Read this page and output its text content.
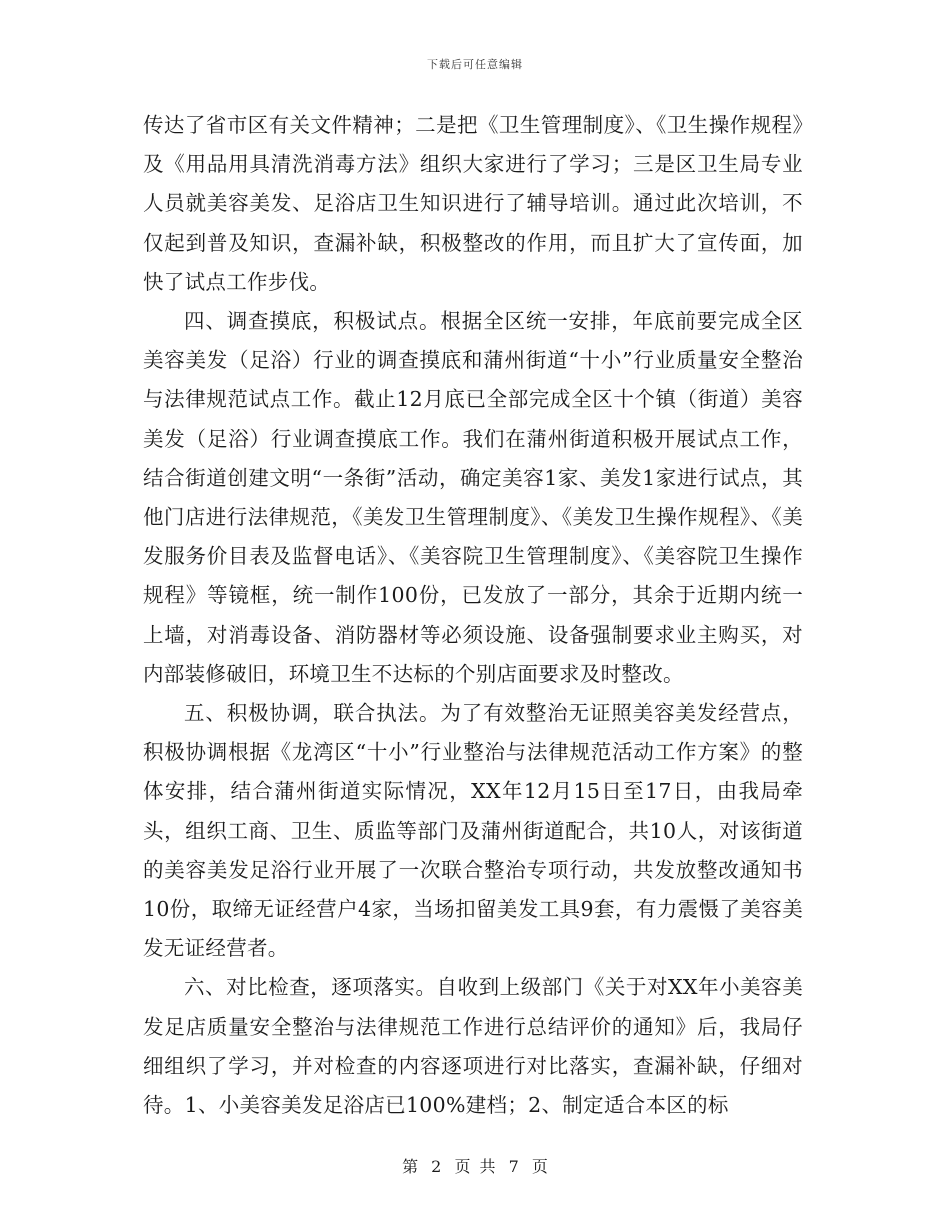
下载后可任意编辑

传达了省市区有关文件精神；二是把《卫生管理制度》、《卫生操作规程》及《用品用具清洗消毒方法》组织大家进行了学习；三是区卫生局专业人员就美容美发、足浴店卫生知识进行了辅导培训。通过此次培训，不仅起到普及知识，查漏补缺，积极整改的作用，而且扩大了宣传面，加快了试点工作步伐。

四、调查摸底，积极试点。根据全区统一安排，年底前要完成全区美容美发（足浴）行业的调查摸底和蒲州街道“十小”行业质量安全整治与法律规范试点工作。截止12月底已全部完成全区十个镇（街道）美容美发（足浴）行业调查摸底工作。我们在蒲州街道积极开展试点工作，结合街道创建文明“一条街”活动，确定美容1家、美发1家进行试点，其他门店进行法律规范，《美发卫生管理制度》、《美发卫生操作规程》、《美发服务价目表及监督电话》、《美容院卫生管理制度》、《美容院卫生操作规程》等镜框，统一制作100份，已发放了一部分，其余于近期内统一上墙，对消毒设备、消防器材等必须设施、设备强制要求业主购买，对内部装修破旧，环境卫生不达标的个别店面要求及时整改。

五、积极协调，联合执法。为了有效整治无证照美容美发经营点，积极协调根据《龙湾区“十小”行业整治与法律规范活动工作方案》的整体安排，结合蒲州街道实际情况，XX年12月15日至17日，由我局牵头，组织工商、卫生、质监等部门及蒲州街道配合，共10人，对该街道的美容美发足浴行业开展了一次联合整治专项行动，共发放整改通知书10份，取缔无证经营户4家，当场扣留美发工具9套，有力震慑了美容美发无证经营者。

六、对比检查，逐项落实。自收到上级部门《关于对XX年小美容美发足店质量安全整治与法律规范工作进行总结评价的通知》后，我局仔细组织了学习，并对检查的内容逐项进行对比落实，查漏补缺，仔细对待。1、小美容美发足浴店已100%建档；2、制定适合本区的标

第 2 页 共 7 页
